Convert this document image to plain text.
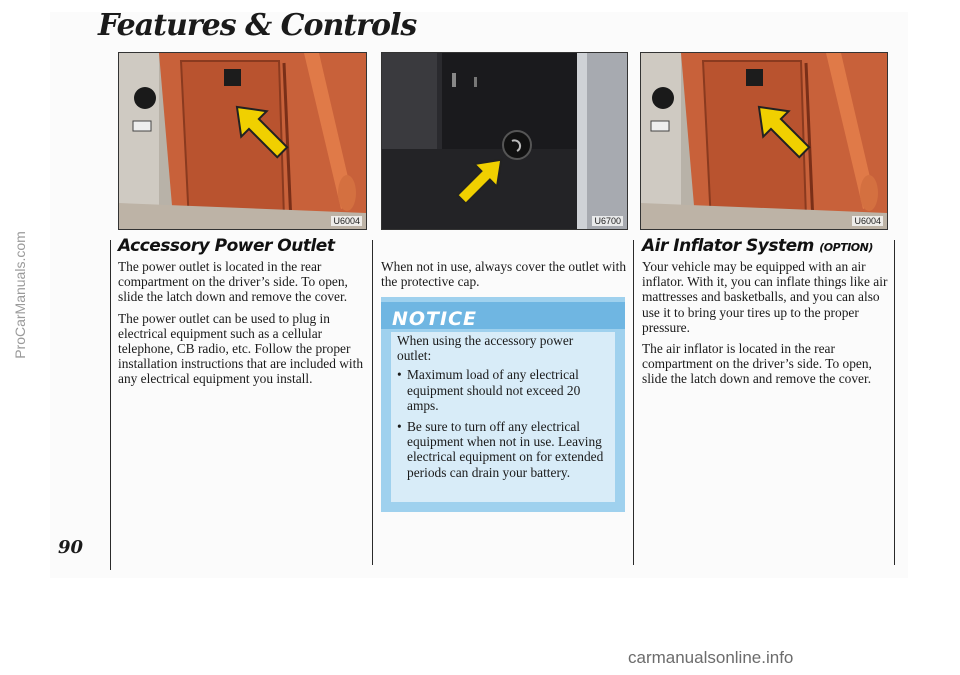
Features & Controls
ProCarManuals.com
U6004	U6700	U6004
Accessory Power Outlet

The power outlet is located in the rear compartment on the driver’s side. To open, slide the latch down and remove the cover.

The power outlet can be used to plug in electrical equipment such as a cellular telephone, CB radio, etc. Follow the proper installation instructions that are included with any electrical equipment you install.

When not in use, always cover the outlet with the protective cap.

NOTICE
When using the accessory power outlet:
• Maximum load of any electrical equipment should not exceed 20 amps.
• Be sure to turn off any electrical equipment when not in use. Leaving electrical equipment on for extended periods can drain your battery.
Air Inflator System (OPTION)

Your vehicle may be equipped with an air inflator. With it, you can inflate things like air mattresses and basketballs, and you can also use it to bring your tires up to the proper pressure.

The air inflator is located in the rear compartment on the driver’s side. To open, slide the latch down and remove the cover.

90
carmanualsonline.info
